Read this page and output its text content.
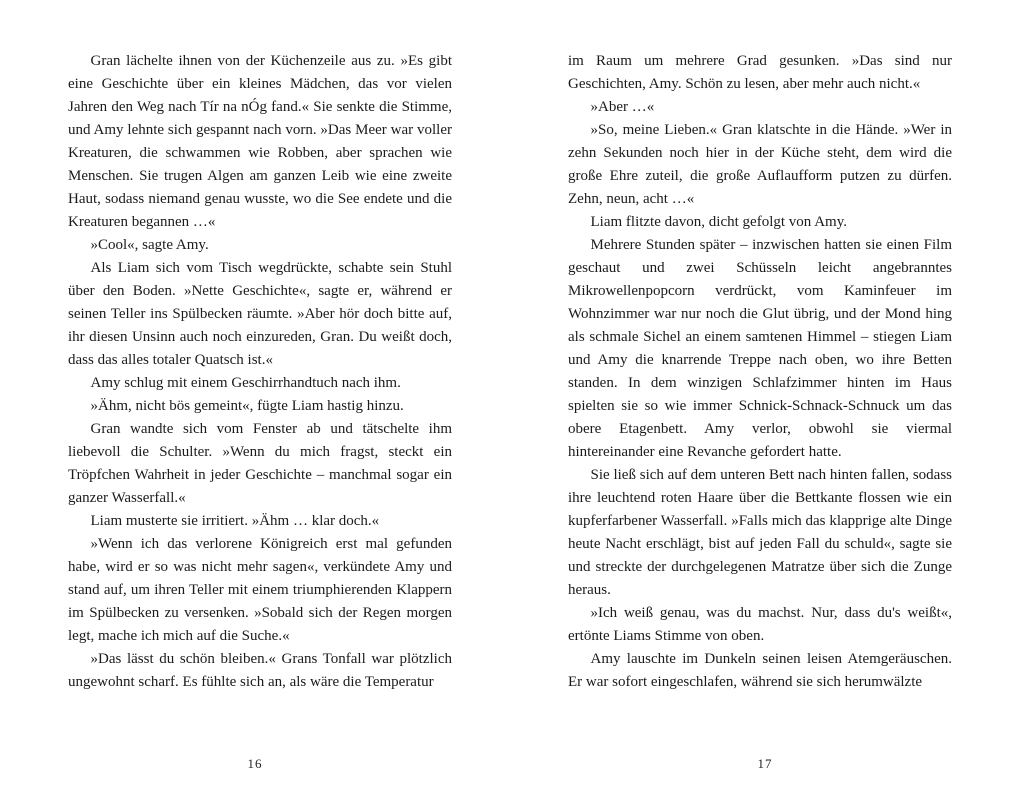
Gran lächelte ihnen von der Küchenzeile aus zu. »Es gibt eine Geschichte über ein kleines Mädchen, das vor vielen Jahren den Weg nach Tír na nÓg fand.« Sie senkte die Stimme, und Amy lehnte sich gespannt nach vorn. »Das Meer war voller Kreaturen, die schwammen wie Robben, aber sprachen wie Menschen. Sie trugen Algen am ganzen Leib wie eine zweite Haut, sodass niemand genau wusste, wo die See endete und die Kreaturen begannen …«

»Cool«, sagte Amy.

Als Liam sich vom Tisch wegdrückte, schabte sein Stuhl über den Boden. »Nette Geschichte«, sagte er, während er seinen Teller ins Spülbecken räumte. »Aber hör doch bitte auf, ihr diesen Unsinn auch noch einzureden, Gran. Du weißt doch, dass das alles totaler Quatsch ist.«

Amy schlug mit einem Geschirrhandtuch nach ihm.

»Ähm, nicht bös gemeint«, fügte Liam hastig hinzu.

Gran wandte sich vom Fenster ab und tätschelte ihm liebevoll die Schulter. »Wenn du mich fragst, steckt ein Tröpfchen Wahrheit in jeder Geschichte – manchmal sogar ein ganzer Wasserfall.«

Liam musterte sie irritiert. »Ähm … klar doch.«

»Wenn ich das verlorene Königreich erst mal gefunden habe, wird er so was nicht mehr sagen«, verkündete Amy und stand auf, um ihren Teller mit einem triumphierenden Klappern im Spülbecken zu versenken. »Sobald sich der Regen morgen legt, mache ich mich auf die Suche.«

»Das lässt du schön bleiben.« Grans Tonfall war plötzlich ungewohnt scharf. Es fühlte sich an, als wäre die Temperatur

16

im Raum um mehrere Grad gesunken. »Das sind nur Geschichten, Amy. Schön zu lesen, aber mehr auch nicht.«

»Aber …«

»So, meine Lieben.« Gran klatschte in die Hände. »Wer in zehn Sekunden noch hier in der Küche steht, dem wird die große Ehre zuteil, die große Auflaufform putzen zu dürfen. Zehn, neun, acht …«

Liam flitzte davon, dicht gefolgt von Amy.

Mehrere Stunden später – inzwischen hatten sie einen Film geschaut und zwei Schüsseln leicht angebranntes Mikrowellenpopcorn verdrückt, vom Kaminfeuer im Wohnzimmer war nur noch die Glut übrig, und der Mond hing als schmale Sichel an einem samtenen Himmel – stiegen Liam und Amy die knarrende Treppe nach oben, wo ihre Betten standen. In dem winzigen Schlafzimmer hinten im Haus spielten sie so wie immer Schnick-Schnack-Schnuck um das obere Etagenbett. Amy verlor, obwohl sie viermal hintereinander eine Revanche gefordert hatte.

Sie ließ sich auf dem unteren Bett nach hinten fallen, sodass ihre leuchtend roten Haare über die Bettkante flossen wie ein kupferfarbener Wasserfall. »Falls mich das klapprige alte Dinge heute Nacht erschlägt, bist auf jeden Fall du schuld«, sagte sie und streckte der durchgelegenen Matratze über sich die Zunge heraus.

»Ich weiß genau, was du machst. Nur, dass du's weißt«, ertönte Liams Stimme von oben.

Amy lauschte im Dunkeln seinen leisen Atemgeräuschen. Er war sofort eingeschlafen, während sie sich herumwälzte

17
